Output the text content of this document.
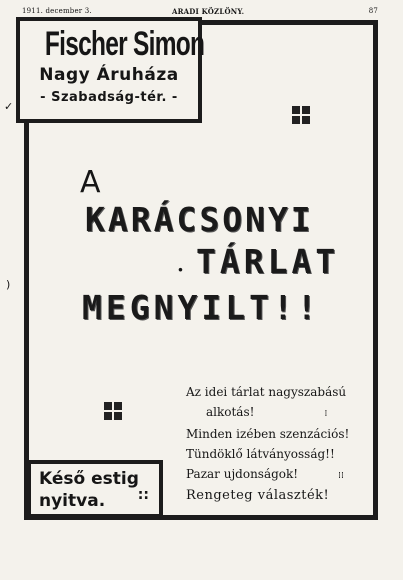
1911. december 3.	ARADI KÖZLÖNY.	87
✓
)
Fischer Simon
Nagy Áruháza
- Szabadság-tér. -
A
KARÁCSONYI
. TÁRLAT
MEGNYILT!!
Az idei tárlat nagyszabású
alkotás!	⁞
Minden izében szenzációs!
Tündöklő látványosság!!
Pazar ujdonságok!	⁞⁞
Rengeteg választék!
Késő estig
nyitva.	::
